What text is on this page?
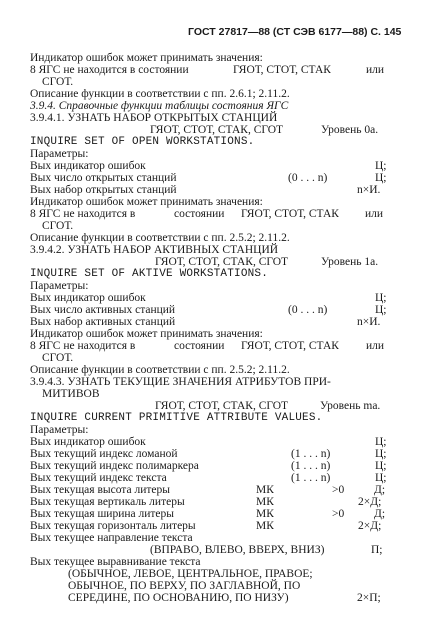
ГОСТ 27817—88 (СТ СЭВ 6177—88) С. 145
Индикатор ошибок может принимать значения:
8 ЯГС не находится в состоянии	ГЯОТ, СТОТ, СТАК	или
СГОТ.
Описание функции в соответствии с пп. 2.6.1; 2.11.2.
3.9.4. Справочные функции таблицы состояния ЯГС
3.9.4.1. УЗНАТЬ НАБОР ОТКРЫТЫХ СТАНЦИЙ
ГЯОТ, СТОТ, СТАК, СГОТ	Уровень 0а.
INQUIRE SET OF OPEN WORKSTATIONS.
Параметры:
Вых индикатор ошибок	Ц;
Вых число открытых станций	(0 . . . n)	Ц;
Вых набор открытых станций	n×И.
Индикатор ошибок может принимать значения:
8 ЯГС не находится в	состоянии ГЯОТ, СТОТ, СТАК или
СГОТ.
Описание функции в соответствии с пп. 2.5.2; 2.11.2.
3.9.4.2. УЗНАТЬ НАБОР АКТИВНЫХ СТАНЦИЙ
ГЯОТ, СТОТ, СТАК, СГОТ	Уровень 1а.
INQUIRE SET OF AKTIVE WORKSTATIONS.
Параметры:
Вых индикатор ошибок	Ц;
Вых число активных станций	(0 . . . n)	Ц;
Вых набор активных станций	n×И.
Индикатор ошибок может принимать значения:
8 ЯГС не находится в	состоянии ГЯОТ, СТОТ, СТАК или
СГОТ.
Описание функции в соответствии с пп. 2.5.2; 2.11.2.
3.9.4.3. УЗНАТЬ ТЕКУЩИЕ ЗНАЧЕНИЯ АТРИБУТОВ ПРИ-
МИТИВОВ
ГЯОТ, СТОТ, СТАК, СГОТ	Уровень mа.
INQUIRE CURRENT PRIMITIVE ATTRIBUTE VALUES.
Параметры:
Вых индикатор ошибок	Ц;
Вых текущий индекс ломаной	(1 . . . n)	Ц;
Вых текущий индекс полимаркера	(1 . . . n)	Ц;
Вых текущий индекс текста	(1 . . . n)	Ц;
Вых текущая высота литеры	МК	>0	Д;
Вых текущая вертикаль литеры	МК	2×Д;
Вых текущая ширина литеры	МК	>0	Д;
Вых текущая горизонталь литеры	МК	2×Д;
Вых текущее направление текста
(ВПРАВО, ВЛЕВО, ВВЕРХ, ВНИЗ)	П;
Вых текущее выравнивание текста
(ОБЫЧНОЕ, ЛЕВОЕ, ЦЕНТРАЛЬНОЕ, ПРАВОЕ;
ОБЫЧНОЕ, ПО ВЕРХУ, ПО ЗАГЛАВНОЙ, ПО
СЕРЕДИНЕ, ПО ОСНОВАНИЮ, ПО НИЗУ)	2×П;
